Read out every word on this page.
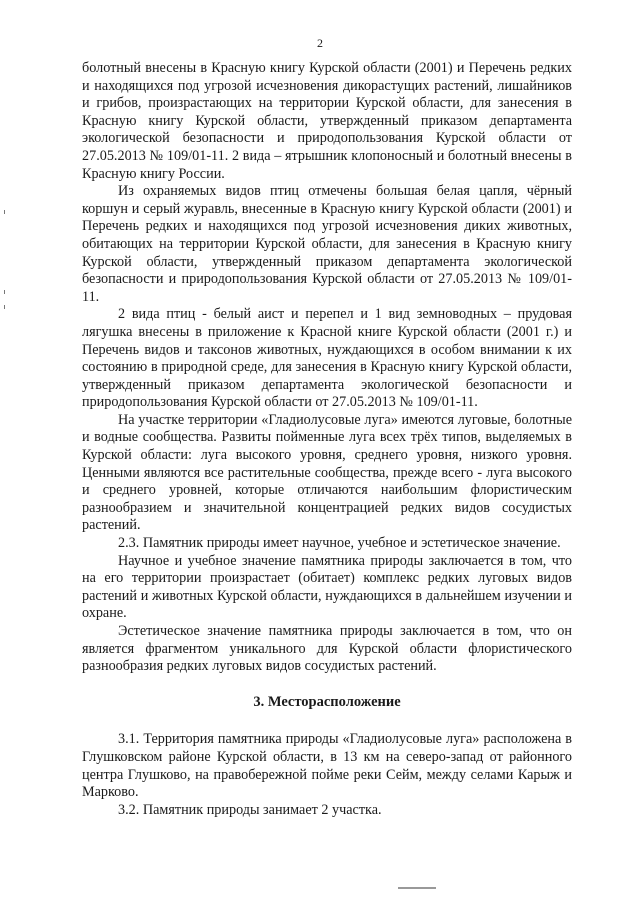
2

болотный внесены в Красную книгу Курской области (2001) и Перечень редких и находящихся под угрозой исчезновения дикорастущих растений, лишайников и грибов, произрастающих на территории Курской области, для занесения в Красную книгу Курской области, утвержденный приказом департамента экологической безопасности и природопользования Курской области от 27.05.2013 № 109/01-11. 2 вида – ятрышник клопоносный и болотный внесены в Красную книгу России.

Из охраняемых видов птиц отмечены большая белая цапля, чёрный коршун и серый журавль, внесенные в Красную книгу Курской области (2001) и Перечень редких и находящихся под угрозой исчезновения диких животных, обитающих на территории Курской области, для занесения в Красную книгу Курской области, утвержденный приказом департамента экологической безопасности и природопользования Курской области от 27.05.2013 № 109/01-11.

2 вида птиц - белый аист и перепел и 1 вид земноводных – прудовая лягушка внесены в приложение к Красной книге Курской области (2001 г.) и Перечень видов и таксонов животных, нуждающихся в особом внимании к их состоянию в природной среде, для занесения в Красную книгу Курской области, утвержденный приказом департамента экологической безопасности и природопользования Курской области от 27.05.2013 № 109/01-11.

На участке территории «Гладиолусовые луга» имеются луговые, болотные и водные сообщества. Развиты пойменные луга всех трёх типов, выделяемых в Курской области: луга высокого уровня, среднего уровня, низкого уровня. Ценными являются все растительные сообщества, прежде всего - луга высокого и среднего уровней, которые отличаются наибольшим флористическим разнообразием и значительной концентрацией редких видов сосудистых растений.

2.3. Памятник природы имеет научное, учебное и эстетическое значение.

Научное и учебное значение памятника природы заключается в том, что на его территории произрастает (обитает) комплекс редких луговых видов растений и животных Курской области, нуждающихся в дальнейшем изучении и охране.

Эстетическое значение памятника природы заключается в том, что он является фрагментом уникального для Курской области флористического разнообразия редких луговых видов сосудистых растений.

3. Месторасположение

3.1. Территория памятника природы «Гладиолусовые луга» расположена в Глушковском районе Курской области, в 13 км на северо-запад от районного центра Глушково, на правобережной пойме реки Сейм, между селами Карыж и Марково.

3.2. Памятник природы занимает 2 участка.
